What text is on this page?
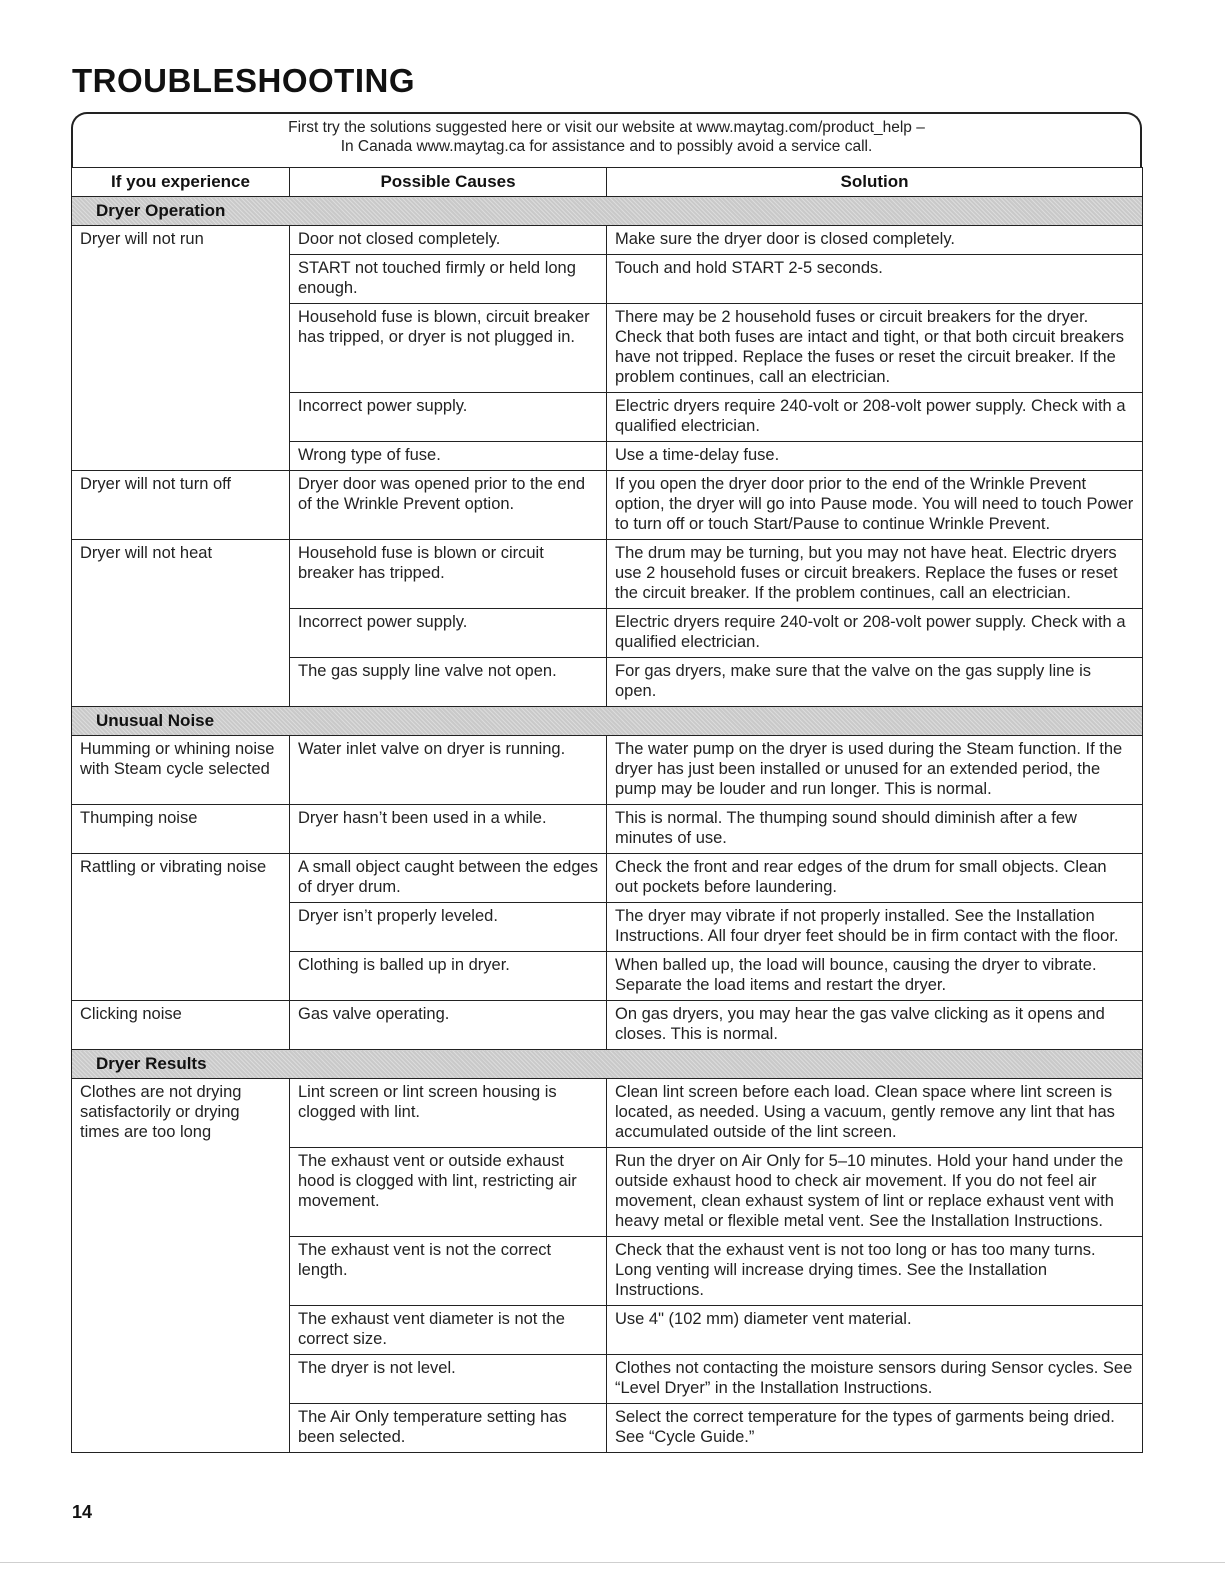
TROUBLESHOOTING
First try the solutions suggested here or visit our website at www.maytag.com/product_help –
In Canada www.maytag.ca for assistance and to possibly avoid a service call.
If you experience	Possible Causes	Solution
Dryer Operation		
Dryer will not run	Door not closed completely.	Make sure the dryer door is closed completely.
	START not touched firmly or held long enough.	Touch and hold START 2-5 seconds.
	Household fuse is blown, circuit breaker has tripped, or dryer is not plugged in.	There may be 2 household fuses or circuit breakers for the dryer. Check that both fuses are intact and tight, or that both circuit breakers have not tripped. Replace the fuses or reset the circuit breaker. If the problem continues, call an electrician.
	Incorrect power supply.	Electric dryers require 240-volt or 208-volt power supply. Check with a qualified electrician.
	Wrong type of fuse.	Use a time-delay fuse.
Dryer will not turn off	Dryer door was opened prior to the end of the Wrinkle Prevent option.	If you open the dryer door prior to the end of the Wrinkle Prevent option, the dryer will go into Pause mode. You will need to touch Power to turn off or touch Start/Pause to continue Wrinkle Prevent.
Dryer will not heat	Household fuse is blown or circuit breaker has tripped.	The drum may be turning, but you may not have heat. Electric dryers use 2 household fuses or circuit breakers. Replace the fuses or reset the circuit breaker. If the problem continues, call an electrician.
	Incorrect power supply.	Electric dryers require 240-volt or 208-volt power supply. Check with a qualified electrician.
	The gas supply line valve not open.	For gas dryers, make sure that the valve on the gas supply line is open.
Unusual Noise		
Humming or whining noise with Steam cycle selected	Water inlet valve on dryer is running.	The water pump on the dryer is used during the Steam function. If the dryer has just been installed or unused for an extended period, the pump may be louder and run longer. This is normal.
Thumping noise	Dryer hasn’t been used in a while.	This is normal. The thumping sound should diminish after a few minutes of use.
Rattling or vibrating noise	A small object caught between the edges of dryer drum.	Check the front and rear edges of the drum for small objects. Clean out pockets before laundering.
	Dryer isn’t properly leveled.	The dryer may vibrate if not properly installed. See the Installation Instructions. All four dryer feet should be in firm contact with the floor.
	Clothing is balled up in dryer.	When balled up, the load will bounce, causing the dryer to vibrate. Separate the load items and restart the dryer.
Clicking noise	Gas valve operating.	On gas dryers, you may hear the gas valve clicking as it opens and closes. This is normal.
Dryer Results		
Clothes are not drying satisfactorily or drying times are too long	Lint screen or lint screen housing is clogged with lint.	Clean lint screen before each load. Clean space where lint screen is located, as needed. Using a vacuum, gently remove any lint that has accumulated outside of the lint screen.
	The exhaust vent or outside exhaust hood is clogged with lint, restricting air movement.	Run the dryer on Air Only for 5–10 minutes. Hold your hand under the outside exhaust hood to check air movement. If you do not feel air movement, clean exhaust system of lint or replace exhaust vent with heavy metal or flexible metal vent. See the Installation Instructions.
	The exhaust vent is not the correct length.	Check that the exhaust vent is not too long or has too many turns. Long venting will increase drying times. See the Installation Instructions.
	The exhaust vent diameter is not the correct size.	Use 4" (102 mm) diameter vent material.
	The dryer is not level.	Clothes not contacting the moisture sensors during Sensor cycles. See “Level Dryer” in the Installation Instructions.
	The Air Only temperature setting has been selected.	Select the correct temperature for the types of garments being dried. See “Cycle Guide.”
14
